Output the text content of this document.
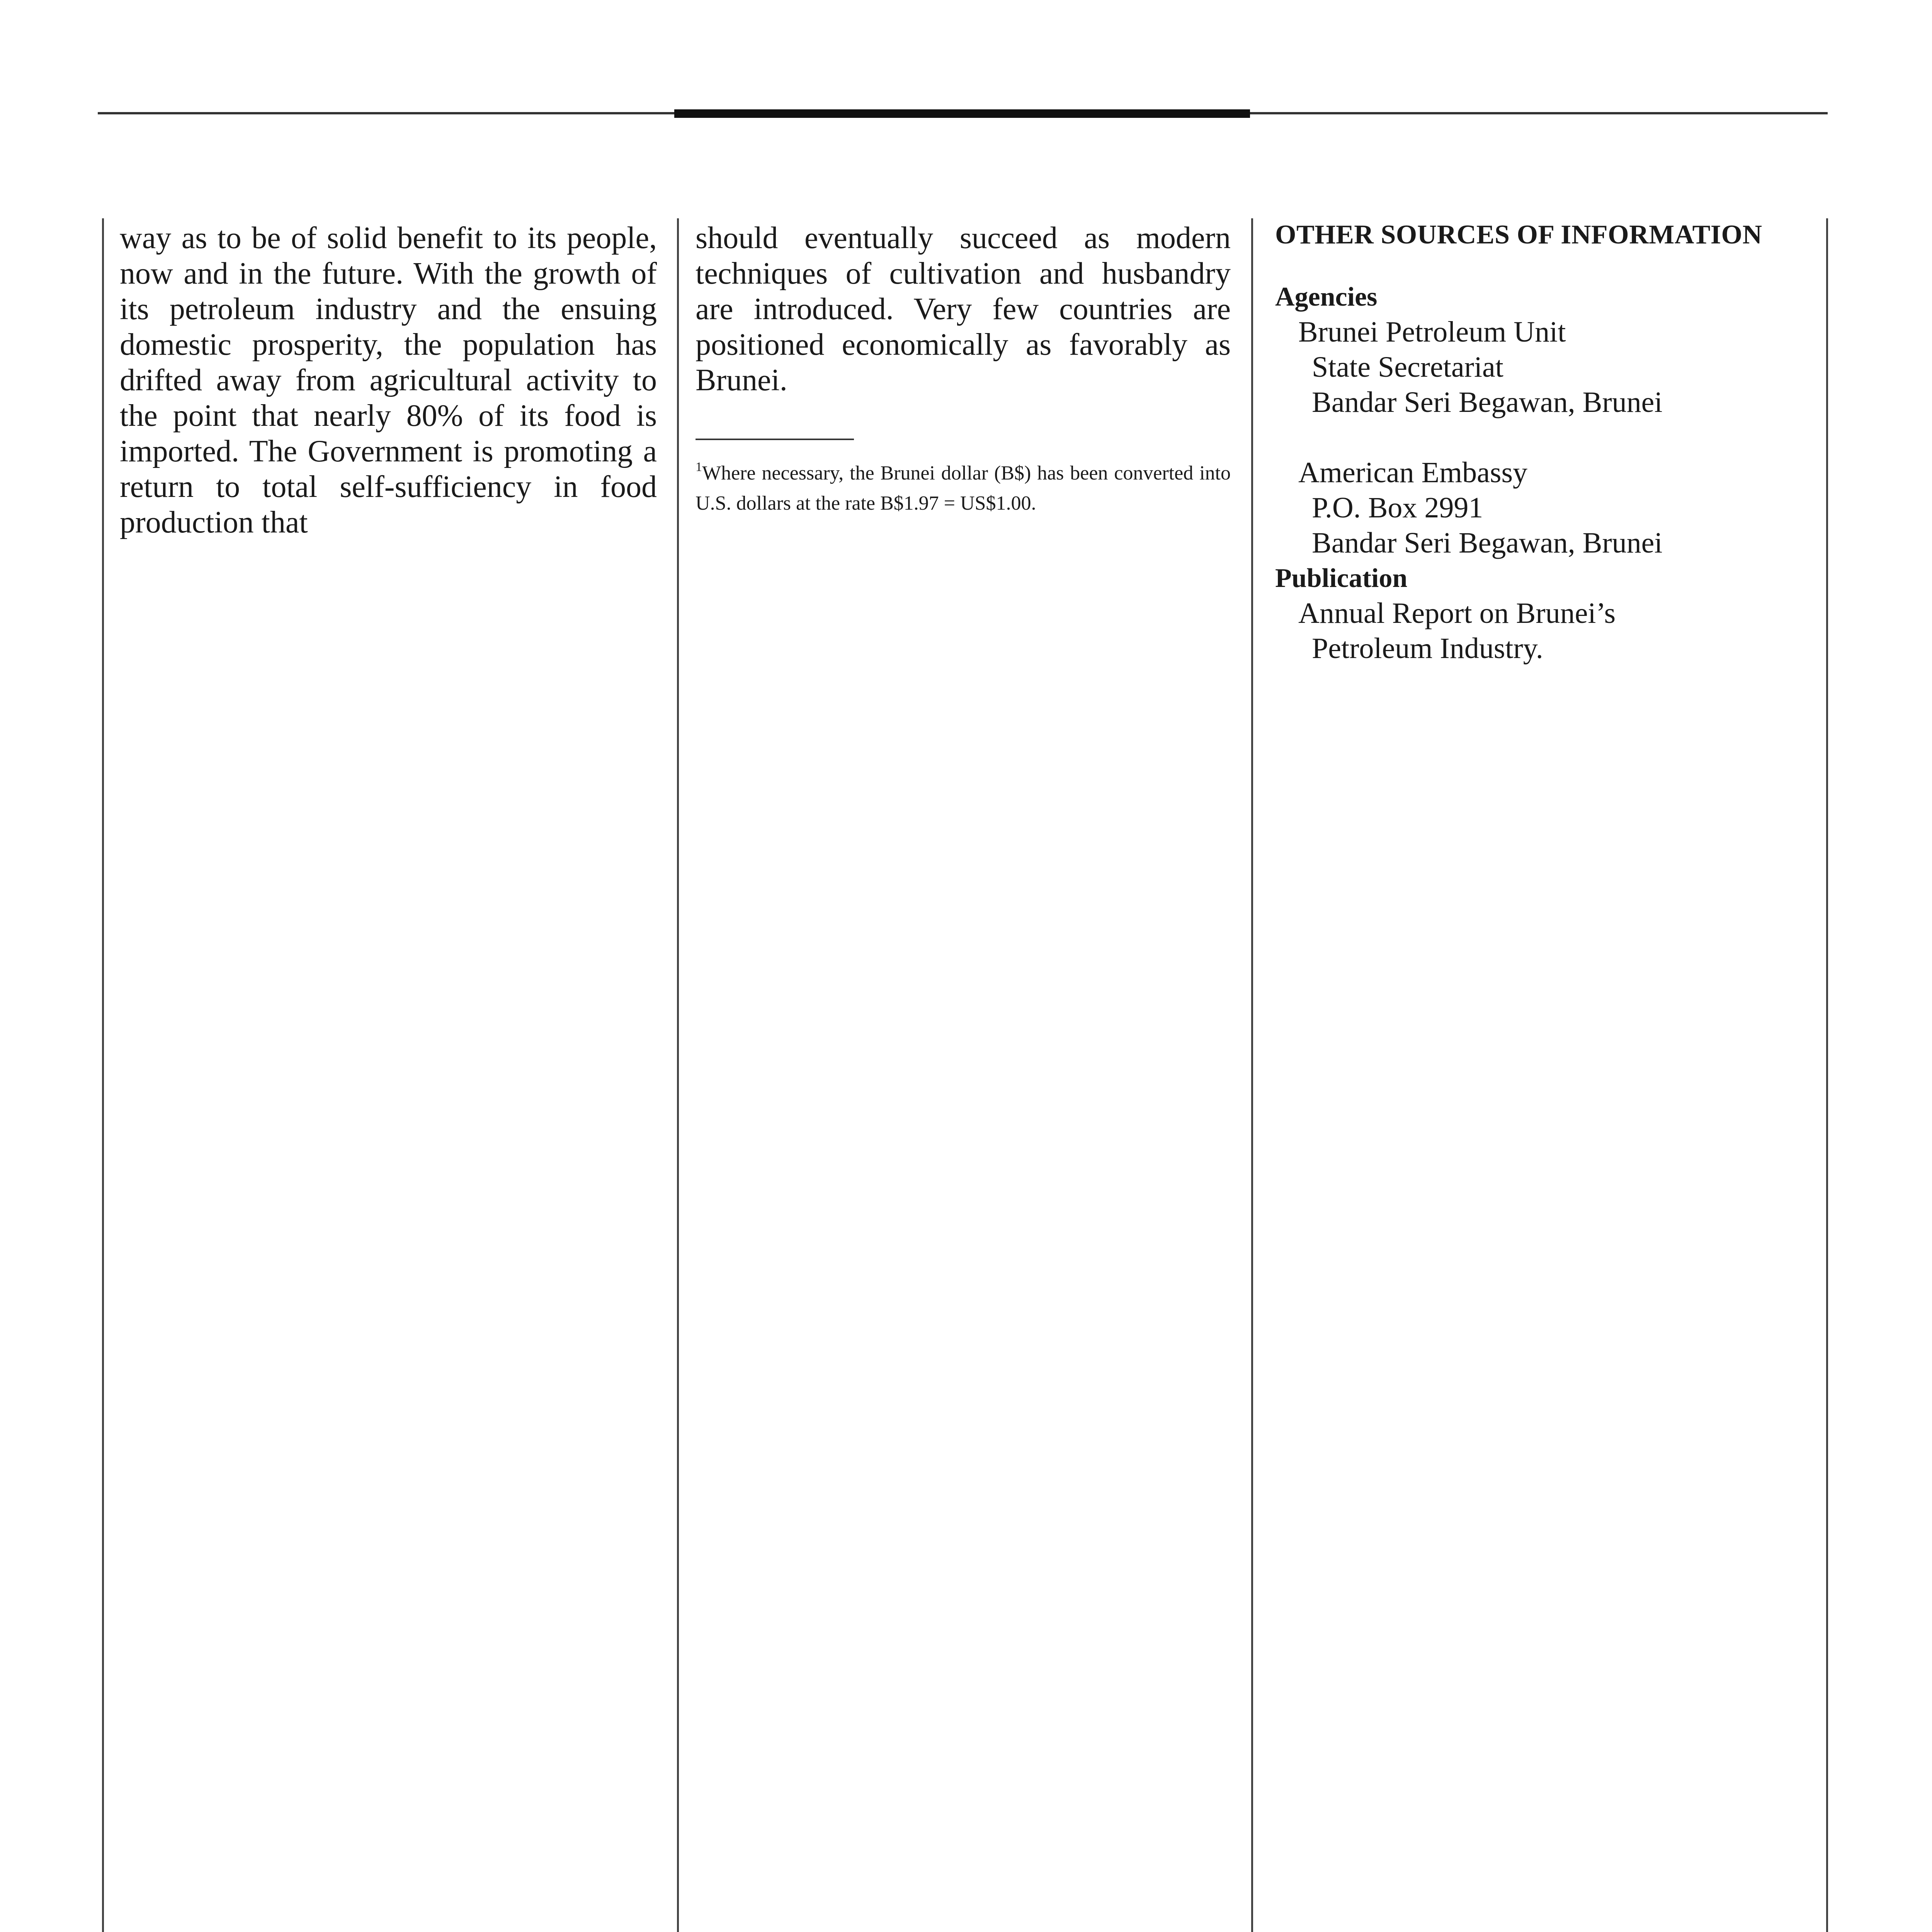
way as to be of solid benefit to its people, now and in the future. With the growth of its petroleum industry and the ensuing domestic prosperity, the population has drifted away from agricultural activity to the point that nearly 80% of its food is imported. The Government is promoting a return to total self-sufficiency in food production that

should eventually succeed as modern techniques of cultivation and husbandry are introduced. Very few countries are positioned economically as favorably as Brunei.

$^1$Where necessary, the Brunei dollar (B$) has been converted into U.S. dollars at the rate B$1.97 = US$1.00.

OTHER SOURCES OF INFORMATION

Agencies

Brunei Petroleum Unit

State Secretariat

Bandar Seri Begawan, Brunei

American Embassy

P.O. Box 2991

Bandar Seri Begawan, Brunei

Publication

Annual Report on Brunei’s

Petroleum Industry.
